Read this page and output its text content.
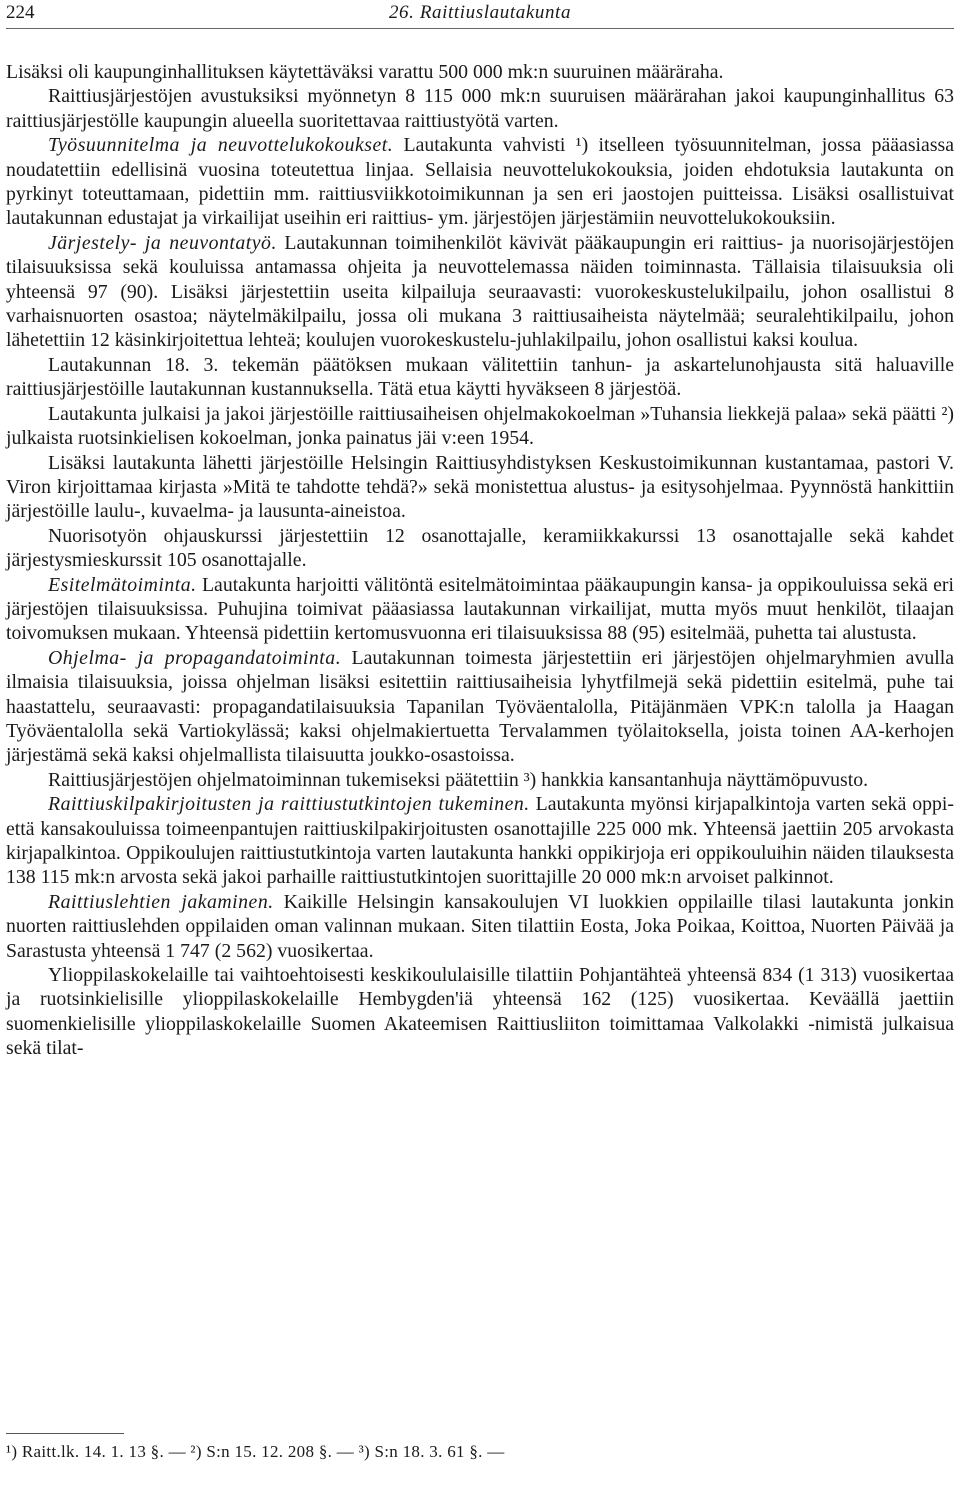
224	26. Raittiuslautakunta

Lisäksi oli kaupunginhallituksen käytettäväksi varattu 500 000 mk:n suuruinen määräraha.

Raittiusjärjestöjen avustuksiksi myönnetyn 8 115 000 mk:n suuruisen määrärahan jakoi kaupunginhallitus 63 raittiusjärjestölle kaupungin alueella suoritettavaa raittiustyötä varten.

Työsuunnitelma ja neuvottelukokoukset. Lautakunta vahvisti ¹) itselleen työsuunnitelman, jossa pääasiassa noudatettiin edellisinä vuosina toteutettua linjaa. Sellaisia neuvottelukokouksia, joiden ehdotuksia lautakunta on pyrkinyt toteuttamaan, pidettiin mm. raittiusviikkotoimikunnan ja sen eri jaostojen puitteissa. Lisäksi osallistuivat lautakunnan edustajat ja virkailijat useihin eri raittius- ym. järjestöjen järjestämiin neuvottelukokouksiin.

Järjestely- ja neuvontatyö. Lautakunnan toimihenkilöt kävivät pääkaupungin eri raittius- ja nuorisojärjestöjen tilaisuuksissa sekä kouluissa antamassa ohjeita ja neuvottelemassa näiden toiminnasta. Tällaisia tilaisuuksia oli yhteensä 97 (90). Lisäksi järjestettiin useita kilpailuja seuraavasti: vuorokeskustelukilpailu, johon osallistui 8 varhaisnuorten osastoa; näytelmäkilpailu, jossa oli mukana 3 raittiusaiheista näytelmää; seuralehtikilpailu, johon lähetettiin 12 käsinkirjoitettua lehteä; koulujen vuorokeskustelu-juhlakilpailu, johon osallistui kaksi koulua.

Lautakunnan 18. 3. tekemän päätöksen mukaan välitettiin tanhun- ja askartelunohjausta sitä haluaville raittiusjärjestöille lautakunnan kustannuksella. Tätä etua käytti hyväkseen 8 järjestöä.

Lautakunta julkaisi ja jakoi järjestöille raittiusaiheisen ohjelmakokoelman »Tuhansia liekkejä palaa» sekä päätti ²) julkaista ruotsinkielisen kokoelman, jonka painatus jäi v:een 1954.

Lisäksi lautakunta lähetti järjestöille Helsingin Raittiusyhdistyksen Keskustoimikunnan kustantamaa, pastori V. Viron kirjoittamaa kirjasta »Mitä te tahdotte tehdä?» sekä monistettua alustus- ja esitysohjelmaa. Pyynnöstä hankittiin järjestöille laulu-, kuvaelma- ja lausunta-aineistoa.

Nuorisotyön ohjauskurssi järjestettiin 12 osanottajalle, keramiikkakurssi 13 osanottajalle sekä kahdet järjestysmieskurssit 105 osanottajalle.

Esitelmätoiminta. Lautakunta harjoitti välitöntä esitelmätoimintaa pääkaupungin kansa- ja oppikouluissa sekä eri järjestöjen tilaisuuksissa. Puhujina toimivat pääasiassa lautakunnan virkailijat, mutta myös muut henkilöt, tilaajan toivomuksen mukaan. Yhteensä pidettiin kertomusvuonna eri tilaisuuksissa 88 (95) esitelmää, puhetta tai alustusta.

Ohjelma- ja propagandatoiminta. Lautakunnan toimesta järjestettiin eri järjestöjen ohjelmaryhmien avulla ilmaisia tilaisuuksia, joissa ohjelman lisäksi esitettiin raittiusaiheisia lyhytfilmejä sekä pidettiin esitelmä, puhe tai haastattelu, seuraavasti: propagandatilaisuuksia Tapanilan Työväentalolla, Pitäjänmäen VPK:n talolla ja Haagan Työväentalolla sekä Vartiokylässä; kaksi ohjelmakiertuetta Tervalammen työlaitoksella, joista toinen AA-kerhojen järjestämä sekä kaksi ohjelmallista tilaisuutta joukko-osastoissa.

Raittiusjärjestöjen ohjelmatoiminnan tukemiseksi päätettiin ³) hankkia kansantanhuja näyttämöpuvusto.

Raittiuskilpakirjoitusten ja raittiustutkintojen tukeminen. Lautakunta myönsi kirjapalkintoja varten sekä oppi- että kansakouluissa toimeenpantujen raittiuskilpakirjoitusten osanottajille 225 000 mk. Yhteensä jaettiin 205 arvokasta kirjapalkintoa. Oppikoulujen raittiustutkintoja varten lautakunta hankki oppikirjoja eri oppikouluihin näiden tilauksesta 138 115 mk:n arvosta sekä jakoi parhaille raittiustutkintojen suorittajille 20 000 mk:n arvoiset palkinnot.

Raittiuslehtien jakaminen. Kaikille Helsingin kansakoulujen VI luokkien oppilaille tilasi lautakunta jonkin nuorten raittiuslehden oppilaiden oman valinnan mukaan. Siten tilattiin Eosta, Joka Poikaa, Koittoa, Nuorten Päivää ja Sarastusta yhteensä 1 747 (2 562) vuosikertaa.

Ylioppilaskokelaille tai vaihtoehtoisesti keskikoululaisille tilattiin Pohjantähteä yhteensä 834 (1 313) vuosikertaa ja ruotsinkielisille ylioppilaskokelaille Hembygden'iä yhteensä 162 (125) vuosikertaa. Keväällä jaettiin suomenkielisille ylioppilaskokelaille Suomen Akateemisen Raittiusliiton toimittamaa Valkolakki -nimistä julkaisua sekä tilat-

¹) Raitt.lk. 14. 1. 13 §. — ²) S:n 15. 12. 208 §. — ³) S:n 18. 3. 61 §. —
